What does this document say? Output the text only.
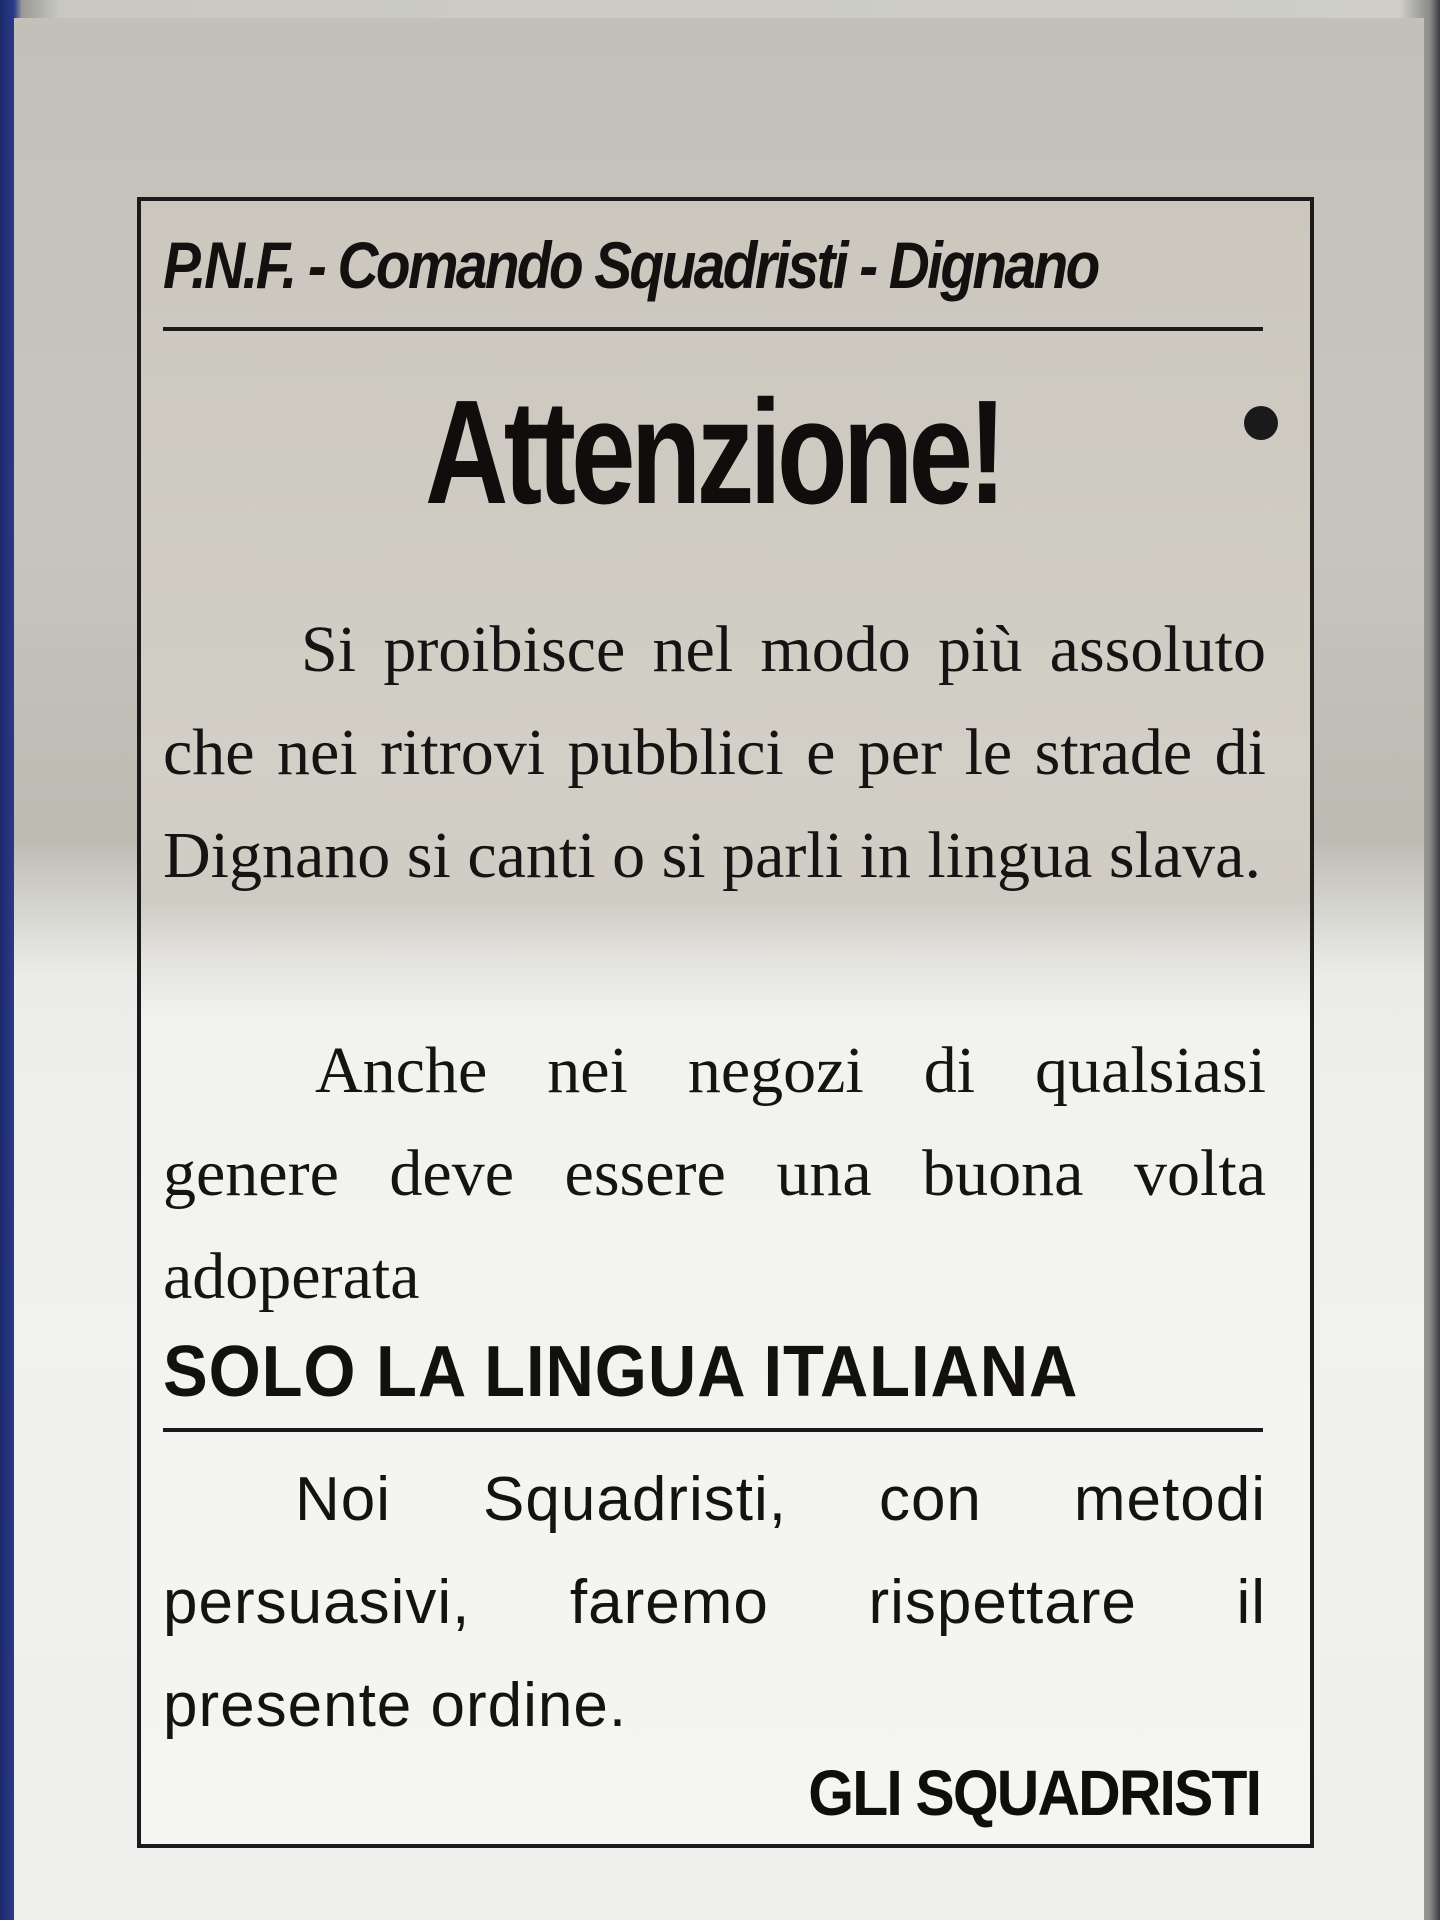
P.N.F. - Comando Squadristi - Dignano
Attenzione!
Si proibisce nel modo più assoluto che nei ritrovi pubblici e per le strade di Dignano si canti o si parli in lingua slava.
Anche nei negozi di qualsiasi genere deve essere una buona volta adoperata
SOLO LA LINGUA ITALIANA
Noi Squadristi, con metodi persuasivi, faremo rispettare il presente ordine.
GLI SQUADRISTI
